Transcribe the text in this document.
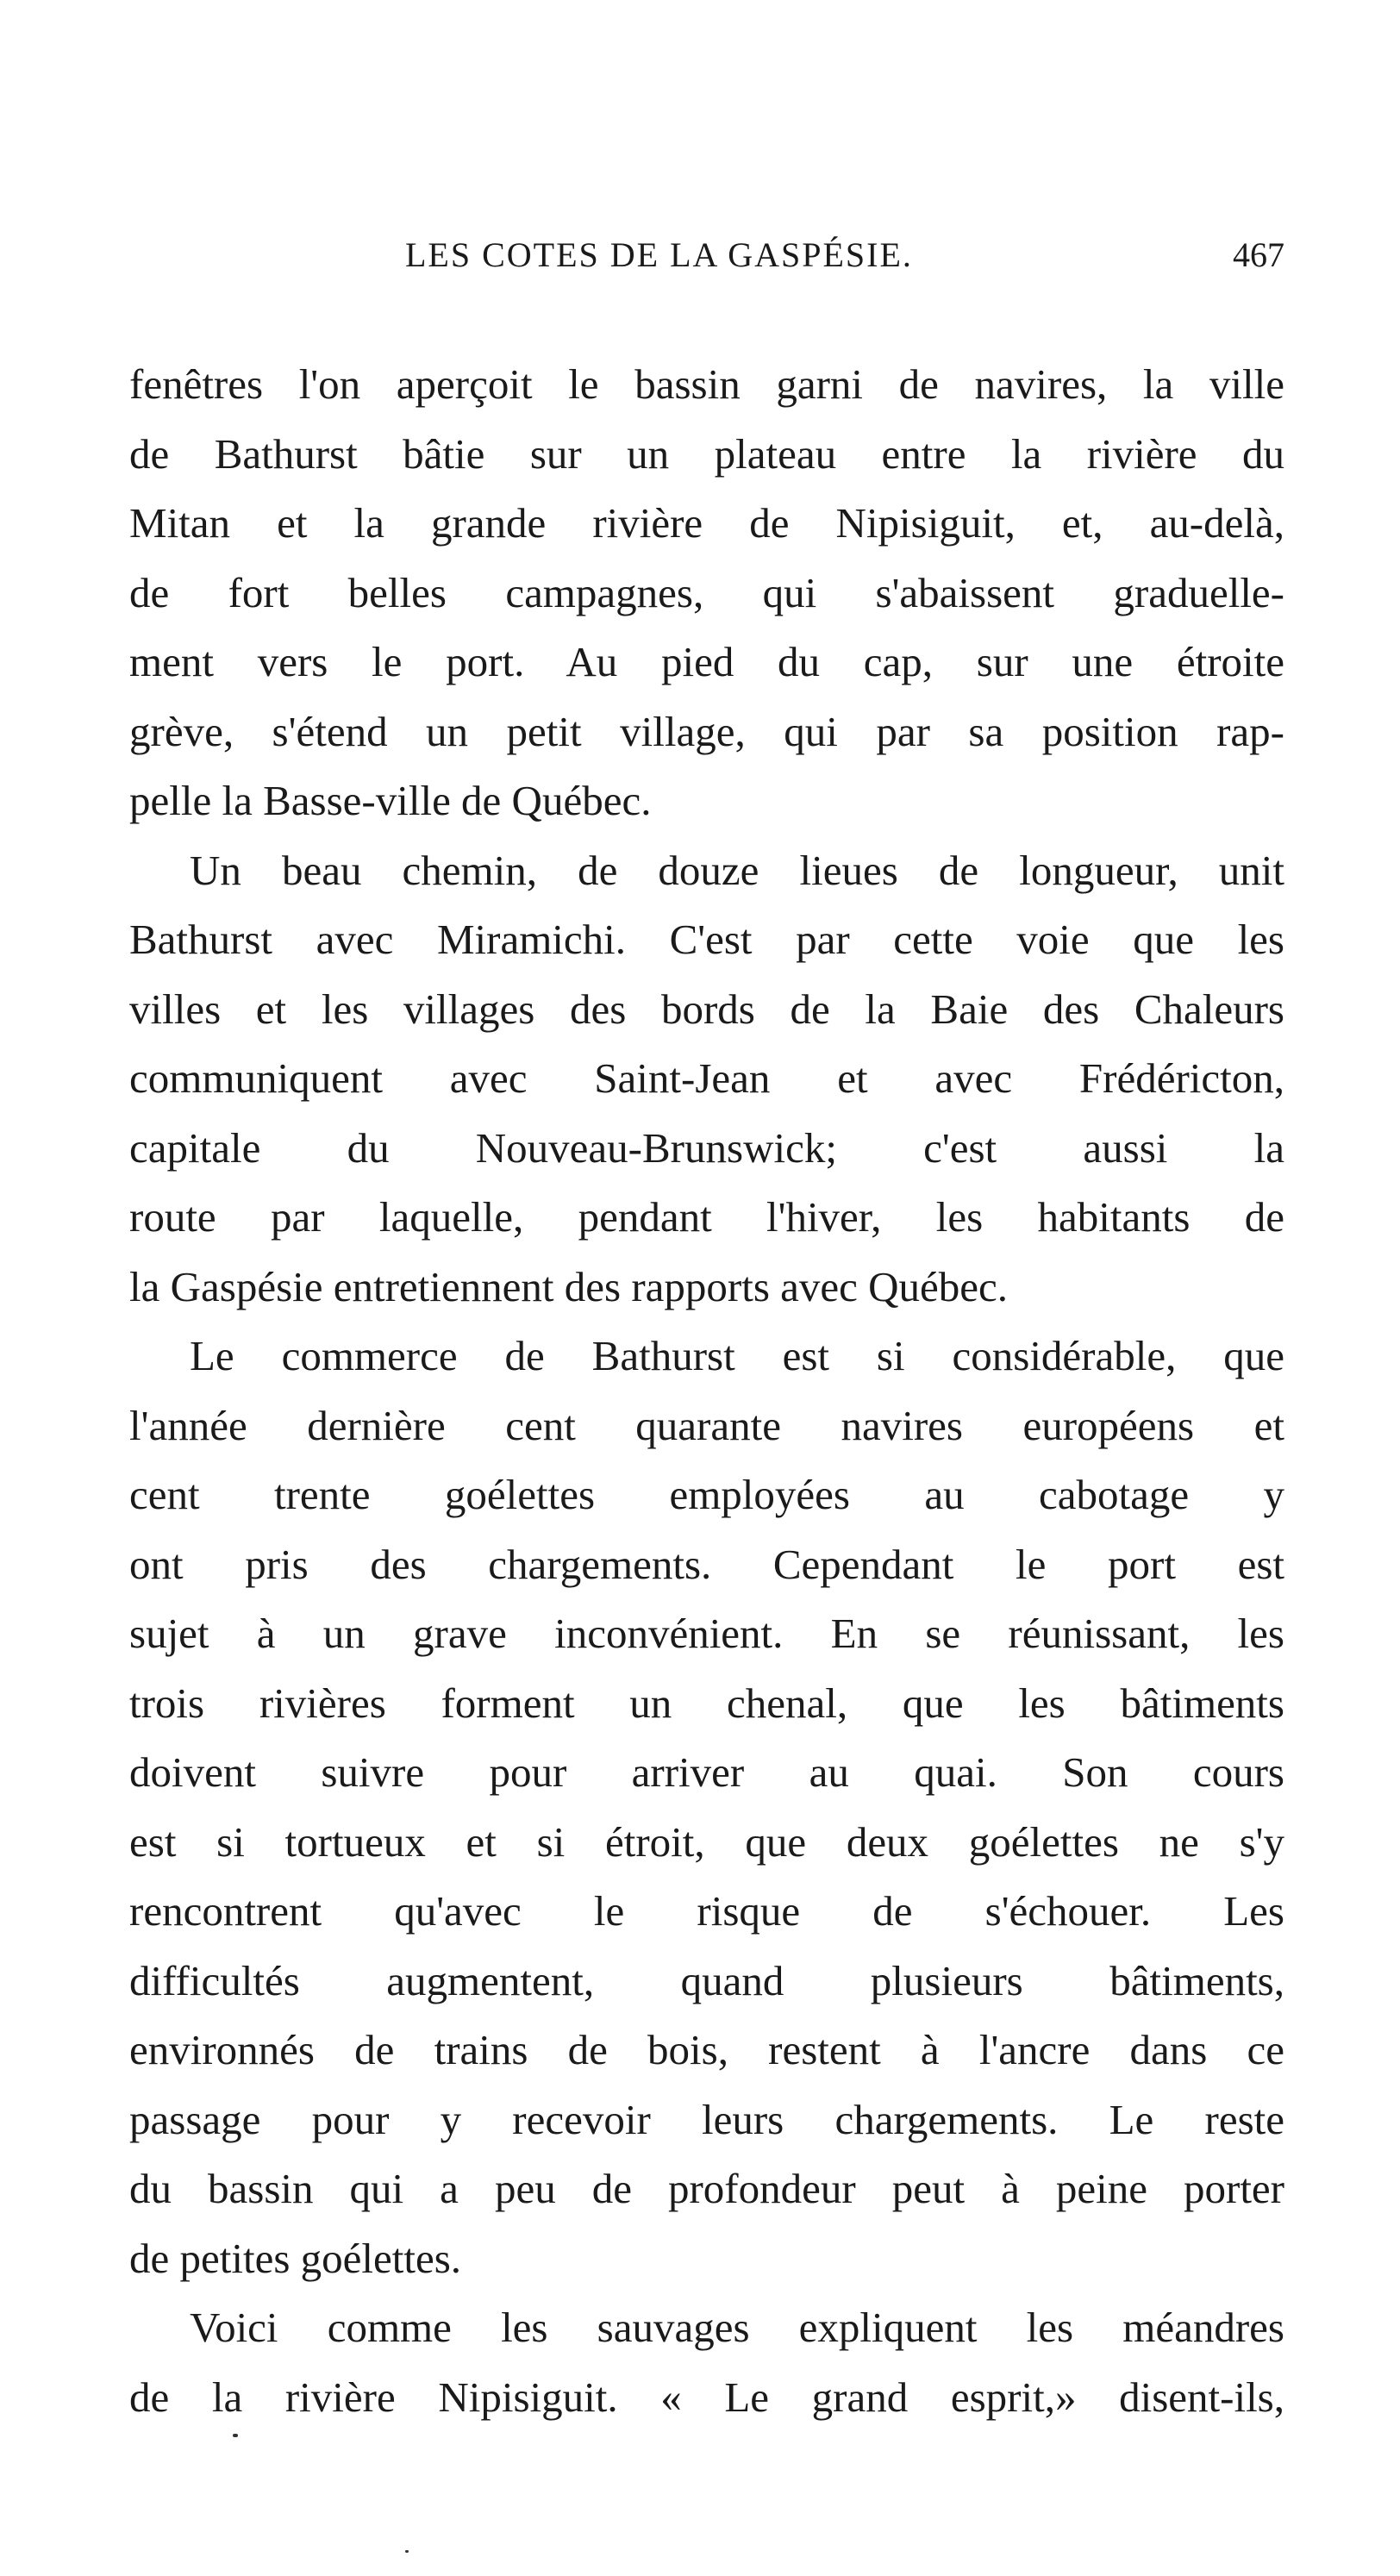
LES COTES DE LA GASPÉSIE.	467
fenêtres l'on aperçoit le bassin garni de navires, la ville
de Bathurst bâtie sur un plateau entre la rivière du
Mitan et la grande rivière de Nipisiguit, et, au-delà,
de fort belles campagnes, qui s'abaissent graduelle-
ment vers le port. Au pied du cap, sur une étroite
grève, s'étend un petit village, qui par sa position rap-
pelle la Basse-ville de Québec.
Un beau chemin, de douze lieues de longueur, unit
Bathurst avec Miramichi. C'est par cette voie que les
villes et les villages des bords de la Baie des Chaleurs
communiquent avec Saint-Jean et avec Frédéricton,
capitale du Nouveau-Brunswick; c'est aussi la
route par laquelle, pendant l'hiver, les habitants de
la Gaspésie entretiennent des rapports avec Québec.
Le commerce de Bathurst est si considérable, que
l'année dernière cent quarante navires européens et
cent trente goélettes employées au cabotage y
ont pris des chargements. Cependant le port est
sujet à un grave inconvénient. En se réunissant, les
trois rivières forment un chenal, que les bâtiments
doivent suivre pour arriver au quai. Son cours
est si tortueux et si étroit, que deux goélettes ne s'y
rencontrent qu'avec le risque de s'échouer. Les
difficultés augmentent, quand plusieurs bâtiments,
environnés de trains de bois, restent à l'ancre dans ce
passage pour y recevoir leurs chargements. Le reste
du bassin qui a peu de profondeur peut à peine porter
de petites goélettes.
Voici comme les sauvages expliquent les méandres
de la rivière Nipisiguit. « Le grand esprit,» disent-ils,
